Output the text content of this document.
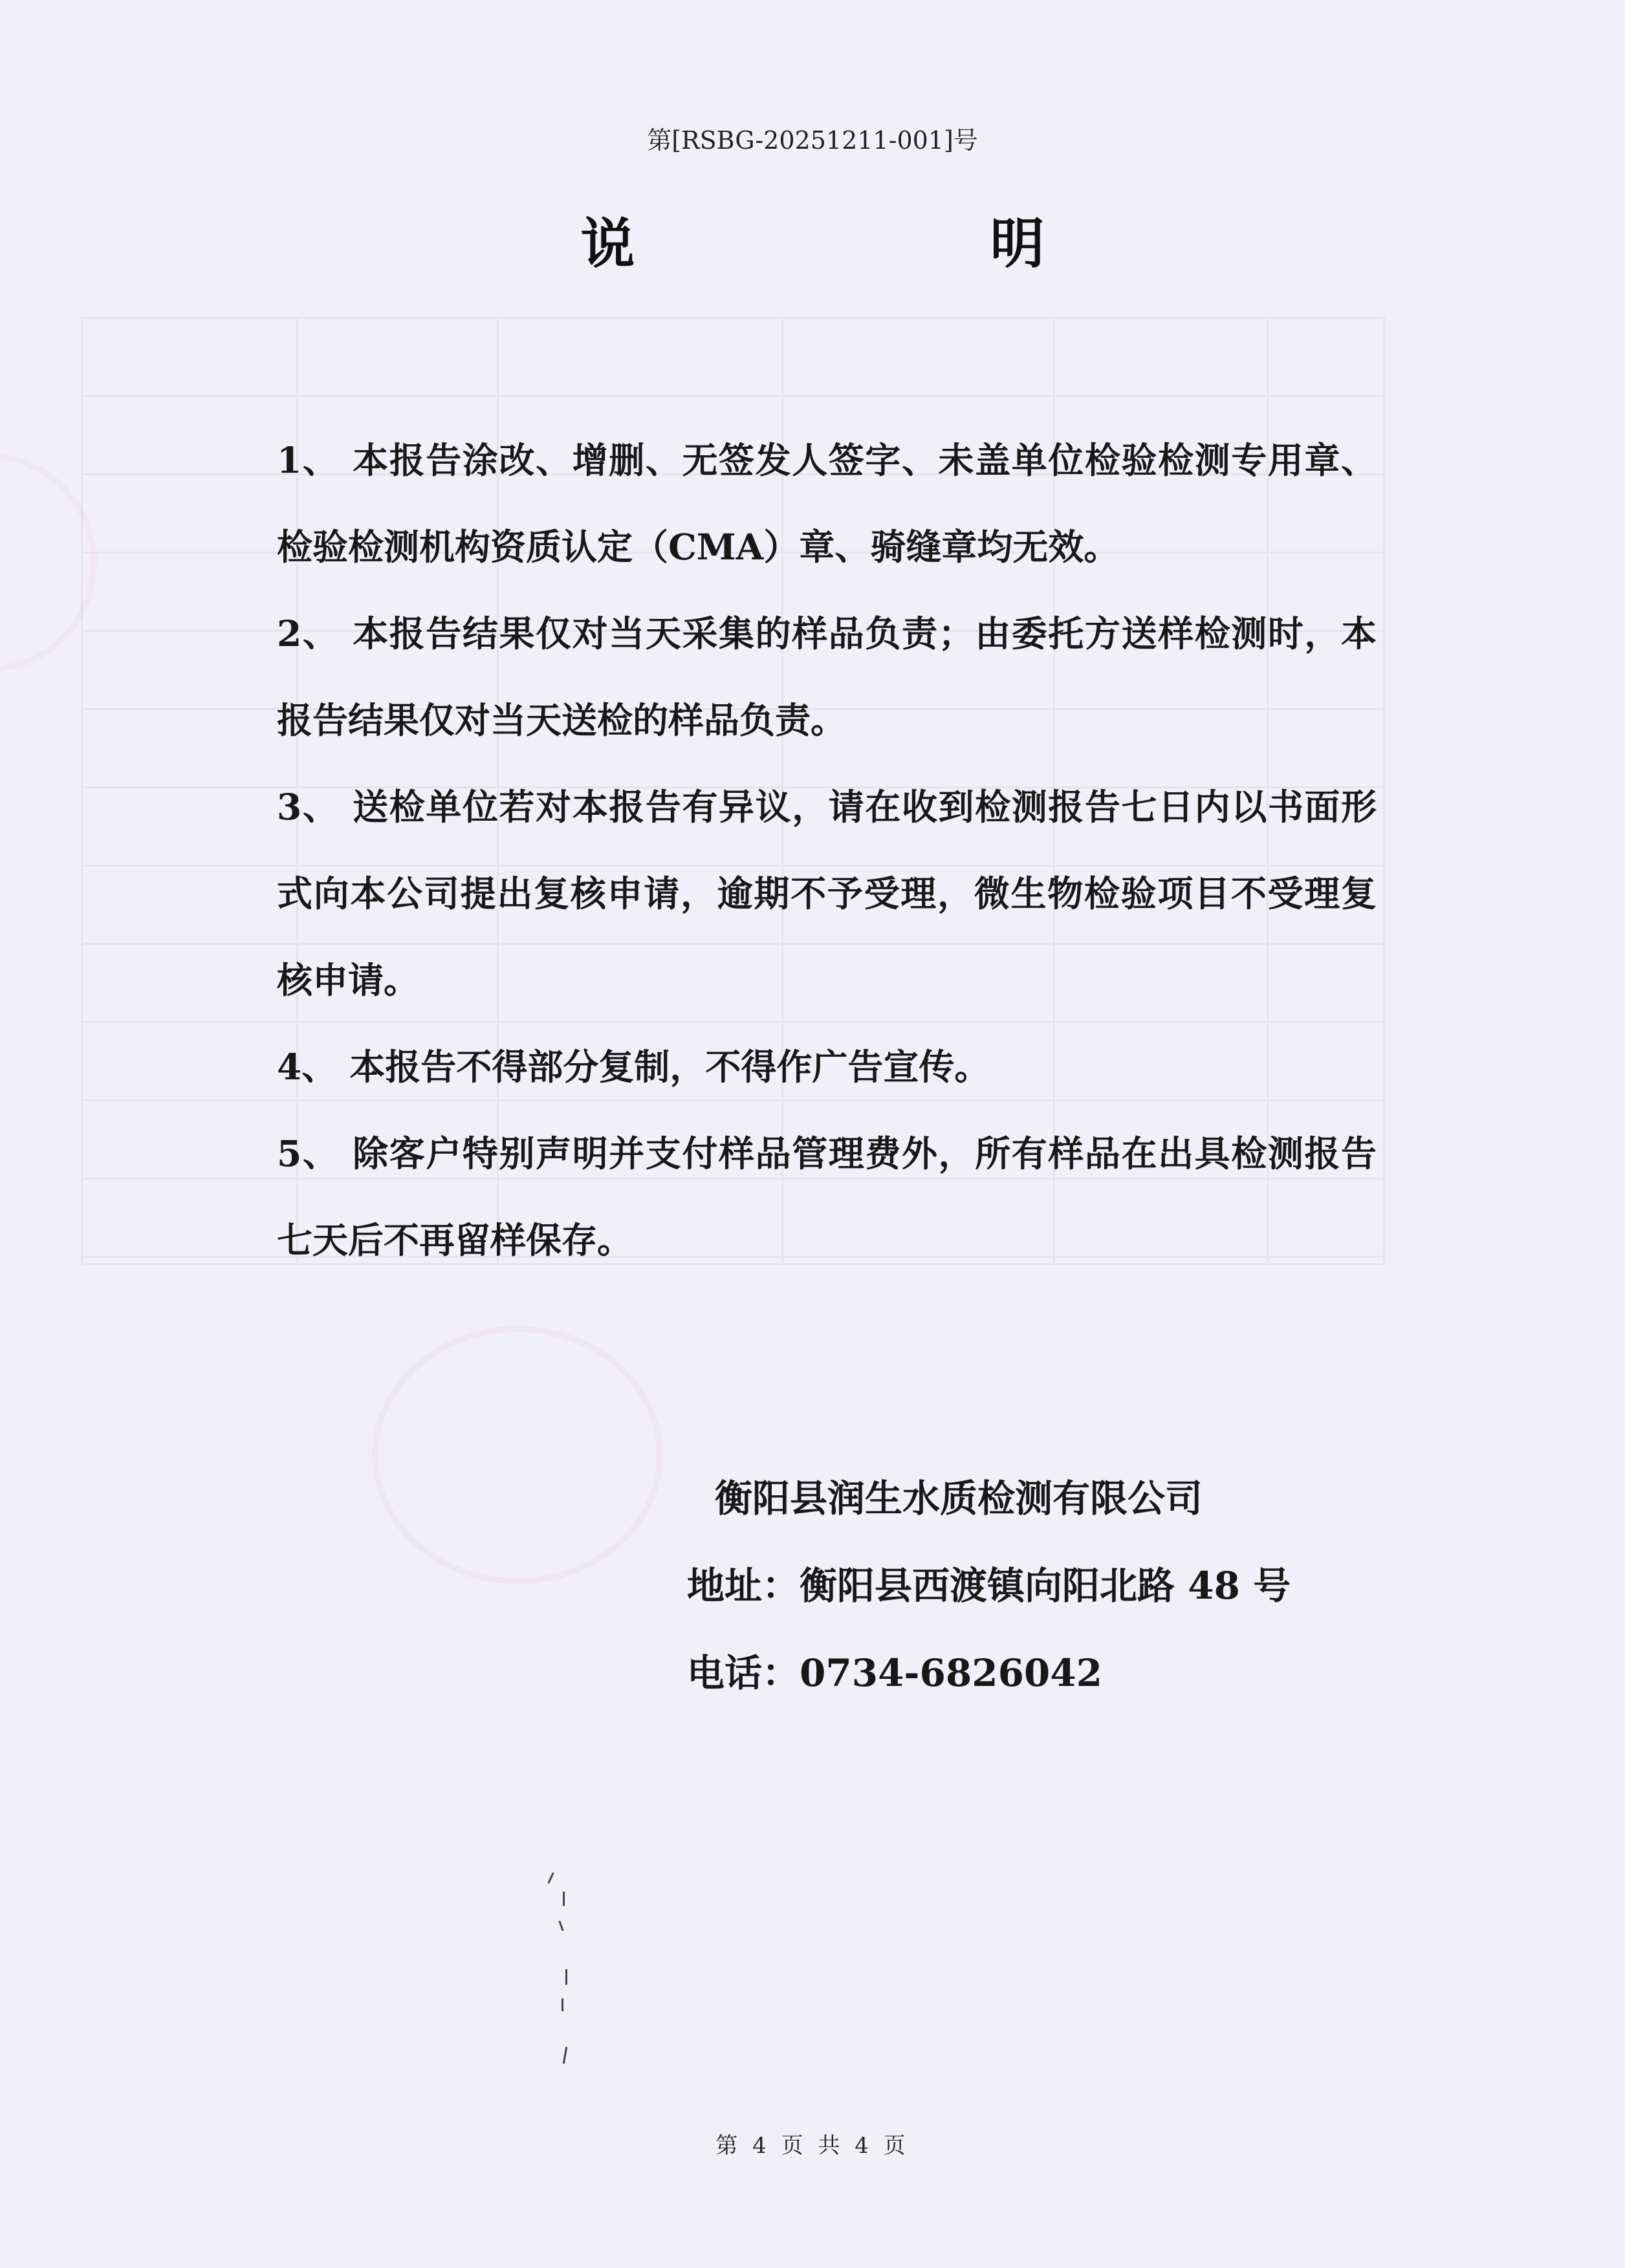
第[RSBG-20251211-001]号
说 明
1、 本报告涂改、增删、无签发人签字、未盖单位检验检测专用章、检验检测机构资质认定（CMA）章、骑缝章均无效。
2、 本报告结果仅对当天采集的样品负责；由委托方送样检测时，本报告结果仅对当天送检的样品负责。
3、 送检单位若对本报告有异议，请在收到检测报告七日内以书面形式向本公司提出复核申请，逾期不予受理，微生物检验项目不受理复核申请。
4、 本报告不得部分复制，不得作广告宣传。
5、 除客户特别声明并支付样品管理费外，所有样品在出具检测报告七天后不再留样保存。
衡阳县润生水质检测有限公司
地址：衡阳县西渡镇向阳北路 48 号
电话：0734-6826042
第 4 页 共 4 页
